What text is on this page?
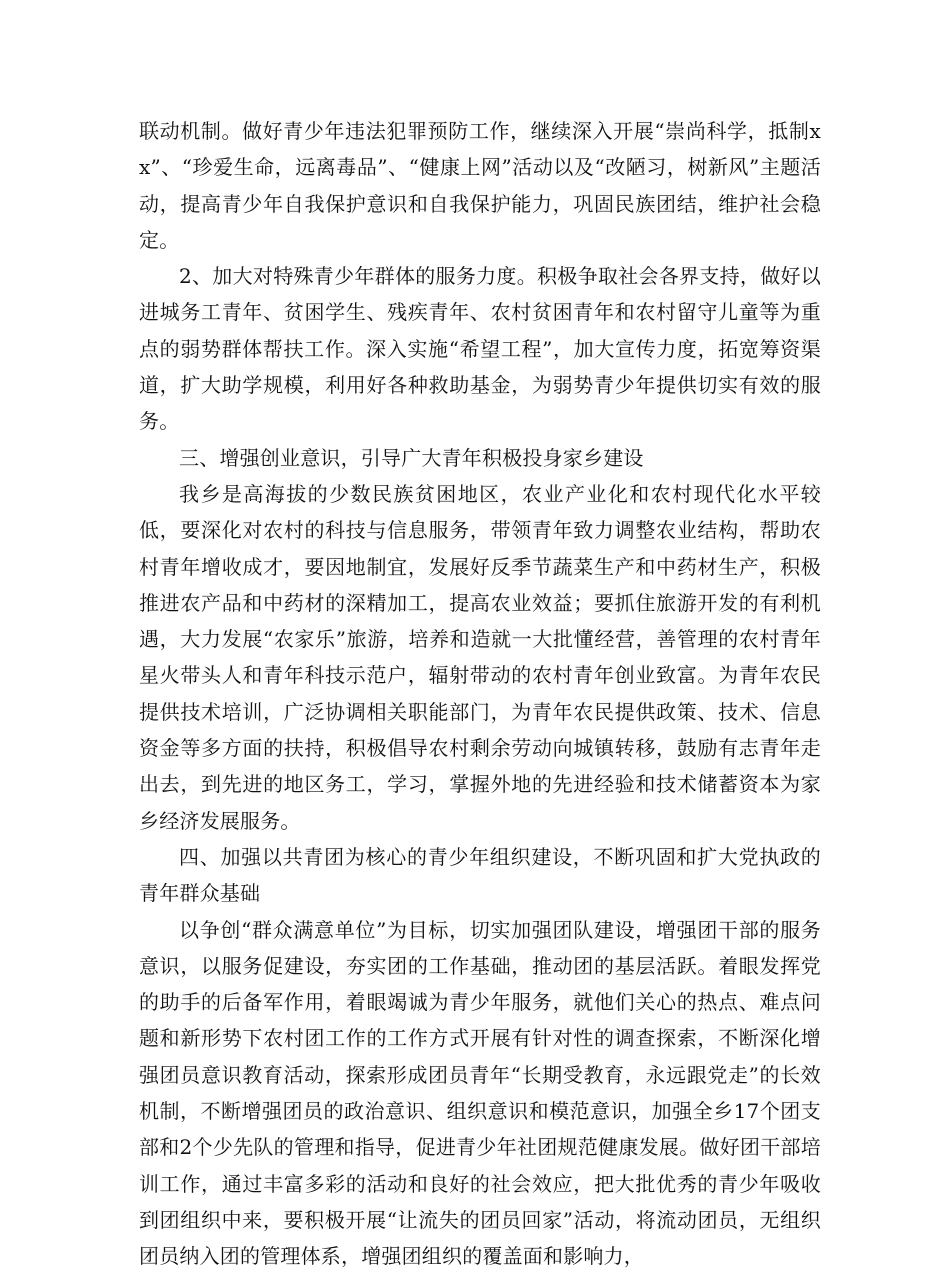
联动机制。做好青少年违法犯罪预防工作，继续深入开展“崇尚科学，抵制xx”、“珍爱生命，远离毒品”、“健康上网”活动以及“改陋习，树新风”主题活动，提高青少年自我保护意识和自我保护能力，巩固民族团结，维护社会稳定。

2、加大对特殊青少年群体的服务力度。积极争取社会各界支持，做好以进城务工青年、贫困学生、残疾青年、农村贫困青年和农村留守儿童等为重点的弱势群体帮扶工作。深入实施“希望工程”，加大宣传力度，拓宽筹资渠道，扩大助学规模，利用好各种救助基金，为弱势青少年提供切实有效的服务。

三、增强创业意识，引导广大青年积极投身家乡建设

我乡是高海拔的少数民族贫困地区，农业产业化和农村现代化水平较低，要深化对农村的科技与信息服务，带领青年致力调整农业结构，帮助农村青年增收成才，要因地制宜，发展好反季节蔬菜生产和中药材生产，积极推进农产品和中药材的深精加工，提高农业效益；要抓住旅游开发的有利机遇，大力发展“农家乐”旅游，培养和造就一大批懂经营，善管理的农村青年星火带头人和青年科技示范户，辐射带动的农村青年创业致富。为青年农民提供技术培训，广泛协调相关职能部门，为青年农民提供政策、技术、信息资金等多方面的扶持，积极倡导农村剩余劳动向城镇转移，鼓励有志青年走出去，到先进的地区务工，学习，掌握外地的先进经验和技术储蓄资本为家乡经济发展服务。

四、加强以共青团为核心的青少年组织建设，不断巩固和扩大党执政的青年群众基础

以争创“群众满意单位”为目标，切实加强团队建设，增强团干部的服务意识，以服务促建设，夯实团的工作基础，推动团的基层活跃。着眼发挥党的助手的后备军作用，着眼竭诚为青少年服务，就他们关心的热点、难点问题和新形势下农村团工作的工作方式开展有针对性的调查探索，不断深化增强团员意识教育活动，探索形成团员青年“长期受教育，永远跟党走”的长效机制，不断增强团员的政治意识、组织意识和模范意识，加强全乡17个团支部和2个少先队的管理和指导，促进青少年社团规范健康发展。做好团干部培训工作，通过丰富多彩的活动和良好的社会效应，把大批优秀的青少年吸收到团组织中来，要积极开展“让流失的团员回家”活动，将流动团员，无组织团员纳入团的管理体系，增强团组织的覆盖面和影响力，
